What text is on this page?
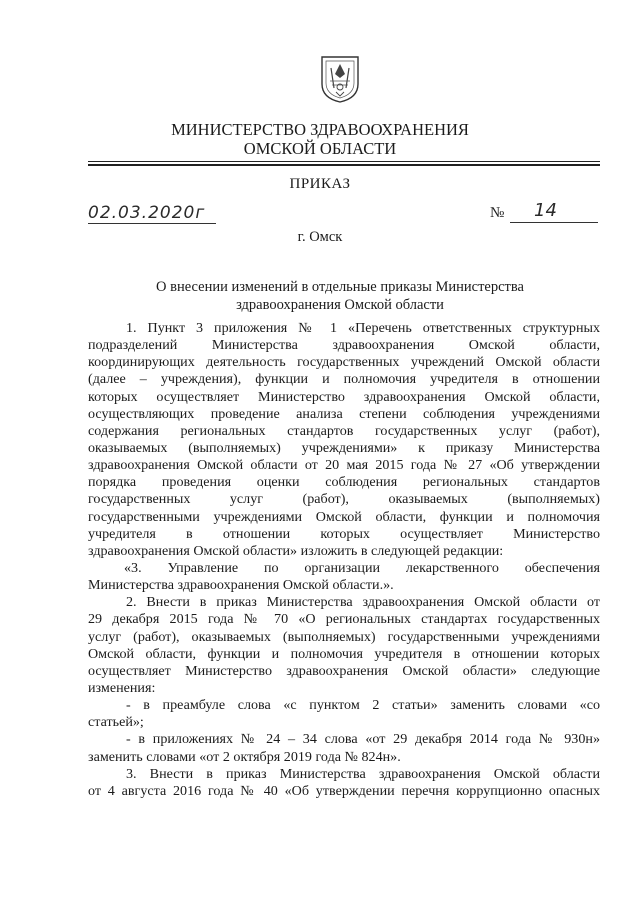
МИНИСТЕРСТВО ЗДРАВООХРАНЕНИЯ
ОМСКОЙ ОБЛАСТИ
ПРИКАЗ
02.03.2020г	№ 14
г. Омск
О внесении изменений в отдельные приказы Министерства
здравоохранения Омской области
1. Пункт 3 приложения № 1 «Перечень ответственных структурных
подразделений Министерства здравоохранения Омской области,
координирующих деятельность государственных учреждений Омской области
(далее – учреждения), функции и полномочия учредителя в отношении
которых осуществляет Министерство здравоохранения Омской области,
осуществляющих проведение анализа степени соблюдения учреждениями
содержания региональных стандартов государственных услуг (работ),
оказываемых (выполняемых) учреждениями» к приказу Министерства
здравоохранения Омской области от 20 мая 2015 года № 27 «Об утверждении
порядка проведения оценки соблюдения региональных стандартов
государственных услуг (работ), оказываемых (выполняемых)
государственными учреждениями Омской области, функции и полномочия
учредителя в отношении которых осуществляет Министерство
здравоохранения Омской области» изложить в следующей редакции:
«3. Управление по организации лекарственного обеспечения
Министерства здравоохранения Омской области.».
2. Внести в приказ Министерства здравоохранения Омской области от
29 декабря 2015 года № 70 «О региональных стандартах государственных
услуг (работ), оказываемых (выполняемых) государственными учреждениями
Омской области, функции и полномочия учредителя в отношении которых
осуществляет Министерство здравоохранения Омской области» следующие
изменения:
- в преамбуле слова «с пунктом 2 статьи» заменить словами «со
статьей»;
- в приложениях № 24 – 34 слова «от 29 декабря 2014 года № 930н»
заменить словами «от 2 октября 2019 года № 824н».
3. Внести в приказ Министерства здравоохранения Омской области
от 4 августа 2016 года № 40 «Об утверждении перечня коррупционно опасных
